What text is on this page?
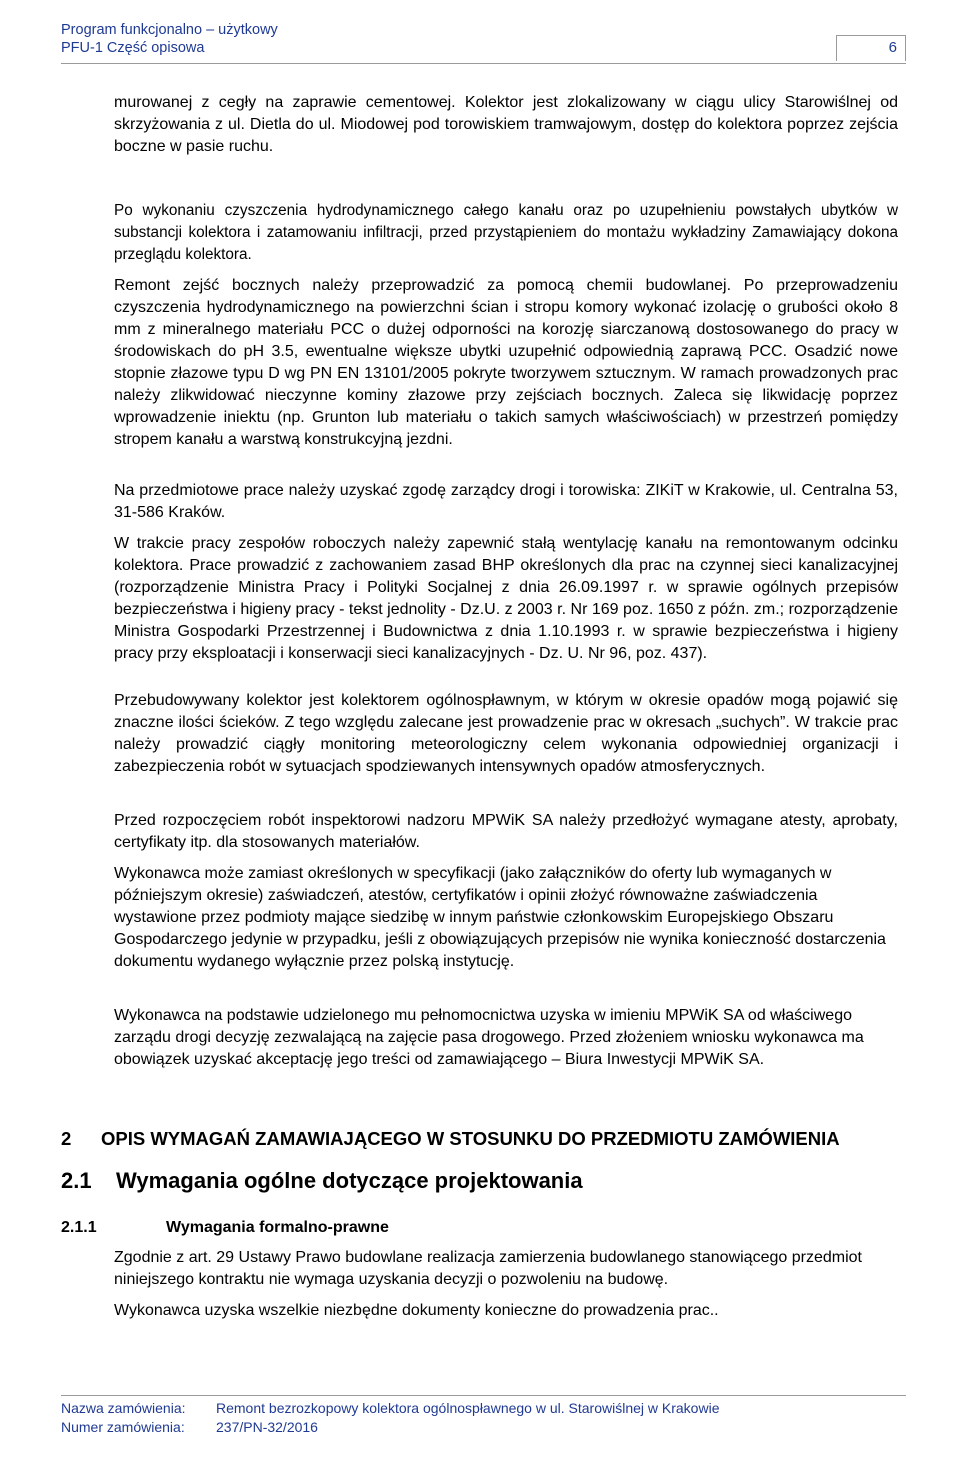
Program funkcjonalno – użytkowy
PFU-1 Część opisowa	6

murowanej z cegły na zaprawie cementowej. Kolektor jest zlokalizowany w ciągu ulicy Starowiślnej od skrzyżowania z ul. Dietla do ul. Miodowej pod torowiskiem tramwajowym, dostęp do kolektora poprzez zejścia boczne w pasie ruchu.

Po wykonaniu czyszczenia hydrodynamicznego całego kanału oraz po uzupełnieniu powstałych ubytków w substancji kolektora i zatamowaniu infiltracji, przed przystąpieniem do montażu wykładziny Zamawiający dokona przeglądu kolektora.

Remont zejść bocznych należy przeprowadzić za pomocą chemii budowlanej. Po przeprowadzeniu czyszczenia hydrodynamicznego na powierzchni ścian i stropu komory wykonać izolację o grubości około 8 mm z mineralnego materiału PCC o dużej odporności na korozję siarczanową dostosowanego do pracy w środowiskach do pH 3.5, ewentualne większe ubytki uzupełnić odpowiednią zaprawą PCC. Osadzić nowe stopnie złazowe typu D wg PN EN 13101/2005 pokryte tworzywem sztucznym. W ramach prowadzonych prac należy zlikwidować nieczynne kominy złazowe przy zejściach bocznych. Zaleca się likwidację poprzez wprowadzenie iniektu (np. Grunton lub materiału o takich samych właściwościach) w przestrzeń pomiędzy stropem kanału a warstwą konstrukcyjną jezdni.

Na przedmiotowe prace należy uzyskać zgodę zarządcy drogi i torowiska: ZIKiT w Krakowie, ul. Centralna 53, 31-586 Kraków.

W trakcie pracy zespołów roboczych należy zapewnić stałą wentylację kanału na remontowanym odcinku kolektora. Prace prowadzić z zachowaniem zasad BHP określonych dla prac na czynnej sieci kanalizacyjnej (rozporządzenie Ministra Pracy i Polityki Socjalnej z dnia 26.09.1997 r. w sprawie ogólnych przepisów bezpieczeństwa i higieny pracy - tekst jednolity - Dz.U. z 2003 r. Nr 169 poz. 1650 z późn. zm.; rozporządzenie Ministra Gospodarki Przestrzennej i Budownictwa z dnia 1.10.1993 r. w sprawie bezpieczeństwa i higieny pracy przy eksploatacji i konserwacji sieci kanalizacyjnych - Dz. U. Nr 96, poz. 437).

Przebudowywany kolektor jest kolektorem ogólnospławnym, w którym w okresie opadów mogą pojawić się znaczne ilości ścieków. Z tego względu zalecane jest prowadzenie prac w okresach „suchych”. W trakcie prac należy prowadzić ciągły monitoring meteorologiczny celem wykonania odpowiedniej organizacji i zabezpieczenia robót w sytuacjach spodziewanych intensywnych opadów atmosferycznych.

Przed rozpoczęciem robót inspektorowi nadzoru MPWiK SA należy przedłożyć wymagane atesty, aprobaty, certyfikaty itp. dla stosowanych materiałów.

Wykonawca może zamiast określonych w specyfikacji (jako załączników do oferty lub wymaganych w późniejszym okresie) zaświadczeń, atestów, certyfikatów i opinii złożyć równoważne zaświadczenia wystawione przez podmioty mające siedzibę w innym państwie członkowskim Europejskiego Obszaru Gospodarczego jedynie w przypadku, jeśli z obowiązujących przepisów nie wynika konieczność dostarczenia dokumentu wydanego wyłącznie przez polską instytucję.

Wykonawca na podstawie udzielonego mu pełnomocnictwa uzyska w imieniu MPWiK SA od właściwego zarządu drogi decyzję zezwalającą na zajęcie pasa drogowego. Przed złożeniem wniosku wykonawca ma obowiązek uzyskać akceptację jego treści od zamawiającego – Biura Inwestycji MPWiK SA.

2 OPIS WYMAGAŃ ZAMAWIAJĄCEGO W STOSUNKU DO PRZEDMIOTU ZAMÓWIENIA
2.1 Wymagania ogólne dotyczące projektowania
2.1.1	Wymagania formalno-prawne

Zgodnie z art. 29 Ustawy Prawo budowlane realizacja zamierzenia budowlanego stanowiącego przedmiot niniejszego kontraktu nie wymaga uzyskania decyzji o pozwoleniu na budowę.

Wykonawca uzyska wszelkie niezbędne dokumenty konieczne do prowadzenia prac..

Nazwa zamówienia: Remont bezrozkopowy kolektora ogólnospławnego w ul. Starowiślnej w Krakowie
Numer zamówienia: 237/PN-32/2016
